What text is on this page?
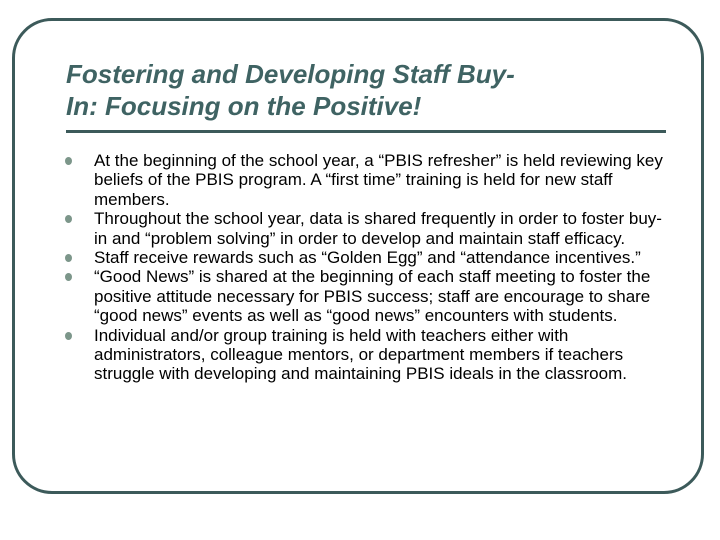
Fostering and Developing Staff Buy-
In: Focusing on the Positive!
At the beginning of the school year, a “PBIS refresher” is held reviewing key beliefs of the PBIS program. A “first time” training is held for new staff members.
Throughout the school year, data is shared frequently in order to foster buy-in and “problem solving” in order to develop and maintain staff efficacy.
Staff receive rewards such as “Golden Egg” and “attendance incentives.”
“Good News” is shared at the beginning of each staff meeting to foster the positive attitude necessary for PBIS success; staff are encourage to share “good news” events as well as “good news” encounters with students.
Individual and/or group training is held with teachers either with administrators, colleague mentors, or department members if teachers struggle with developing and maintaining PBIS ideals in the classroom.
